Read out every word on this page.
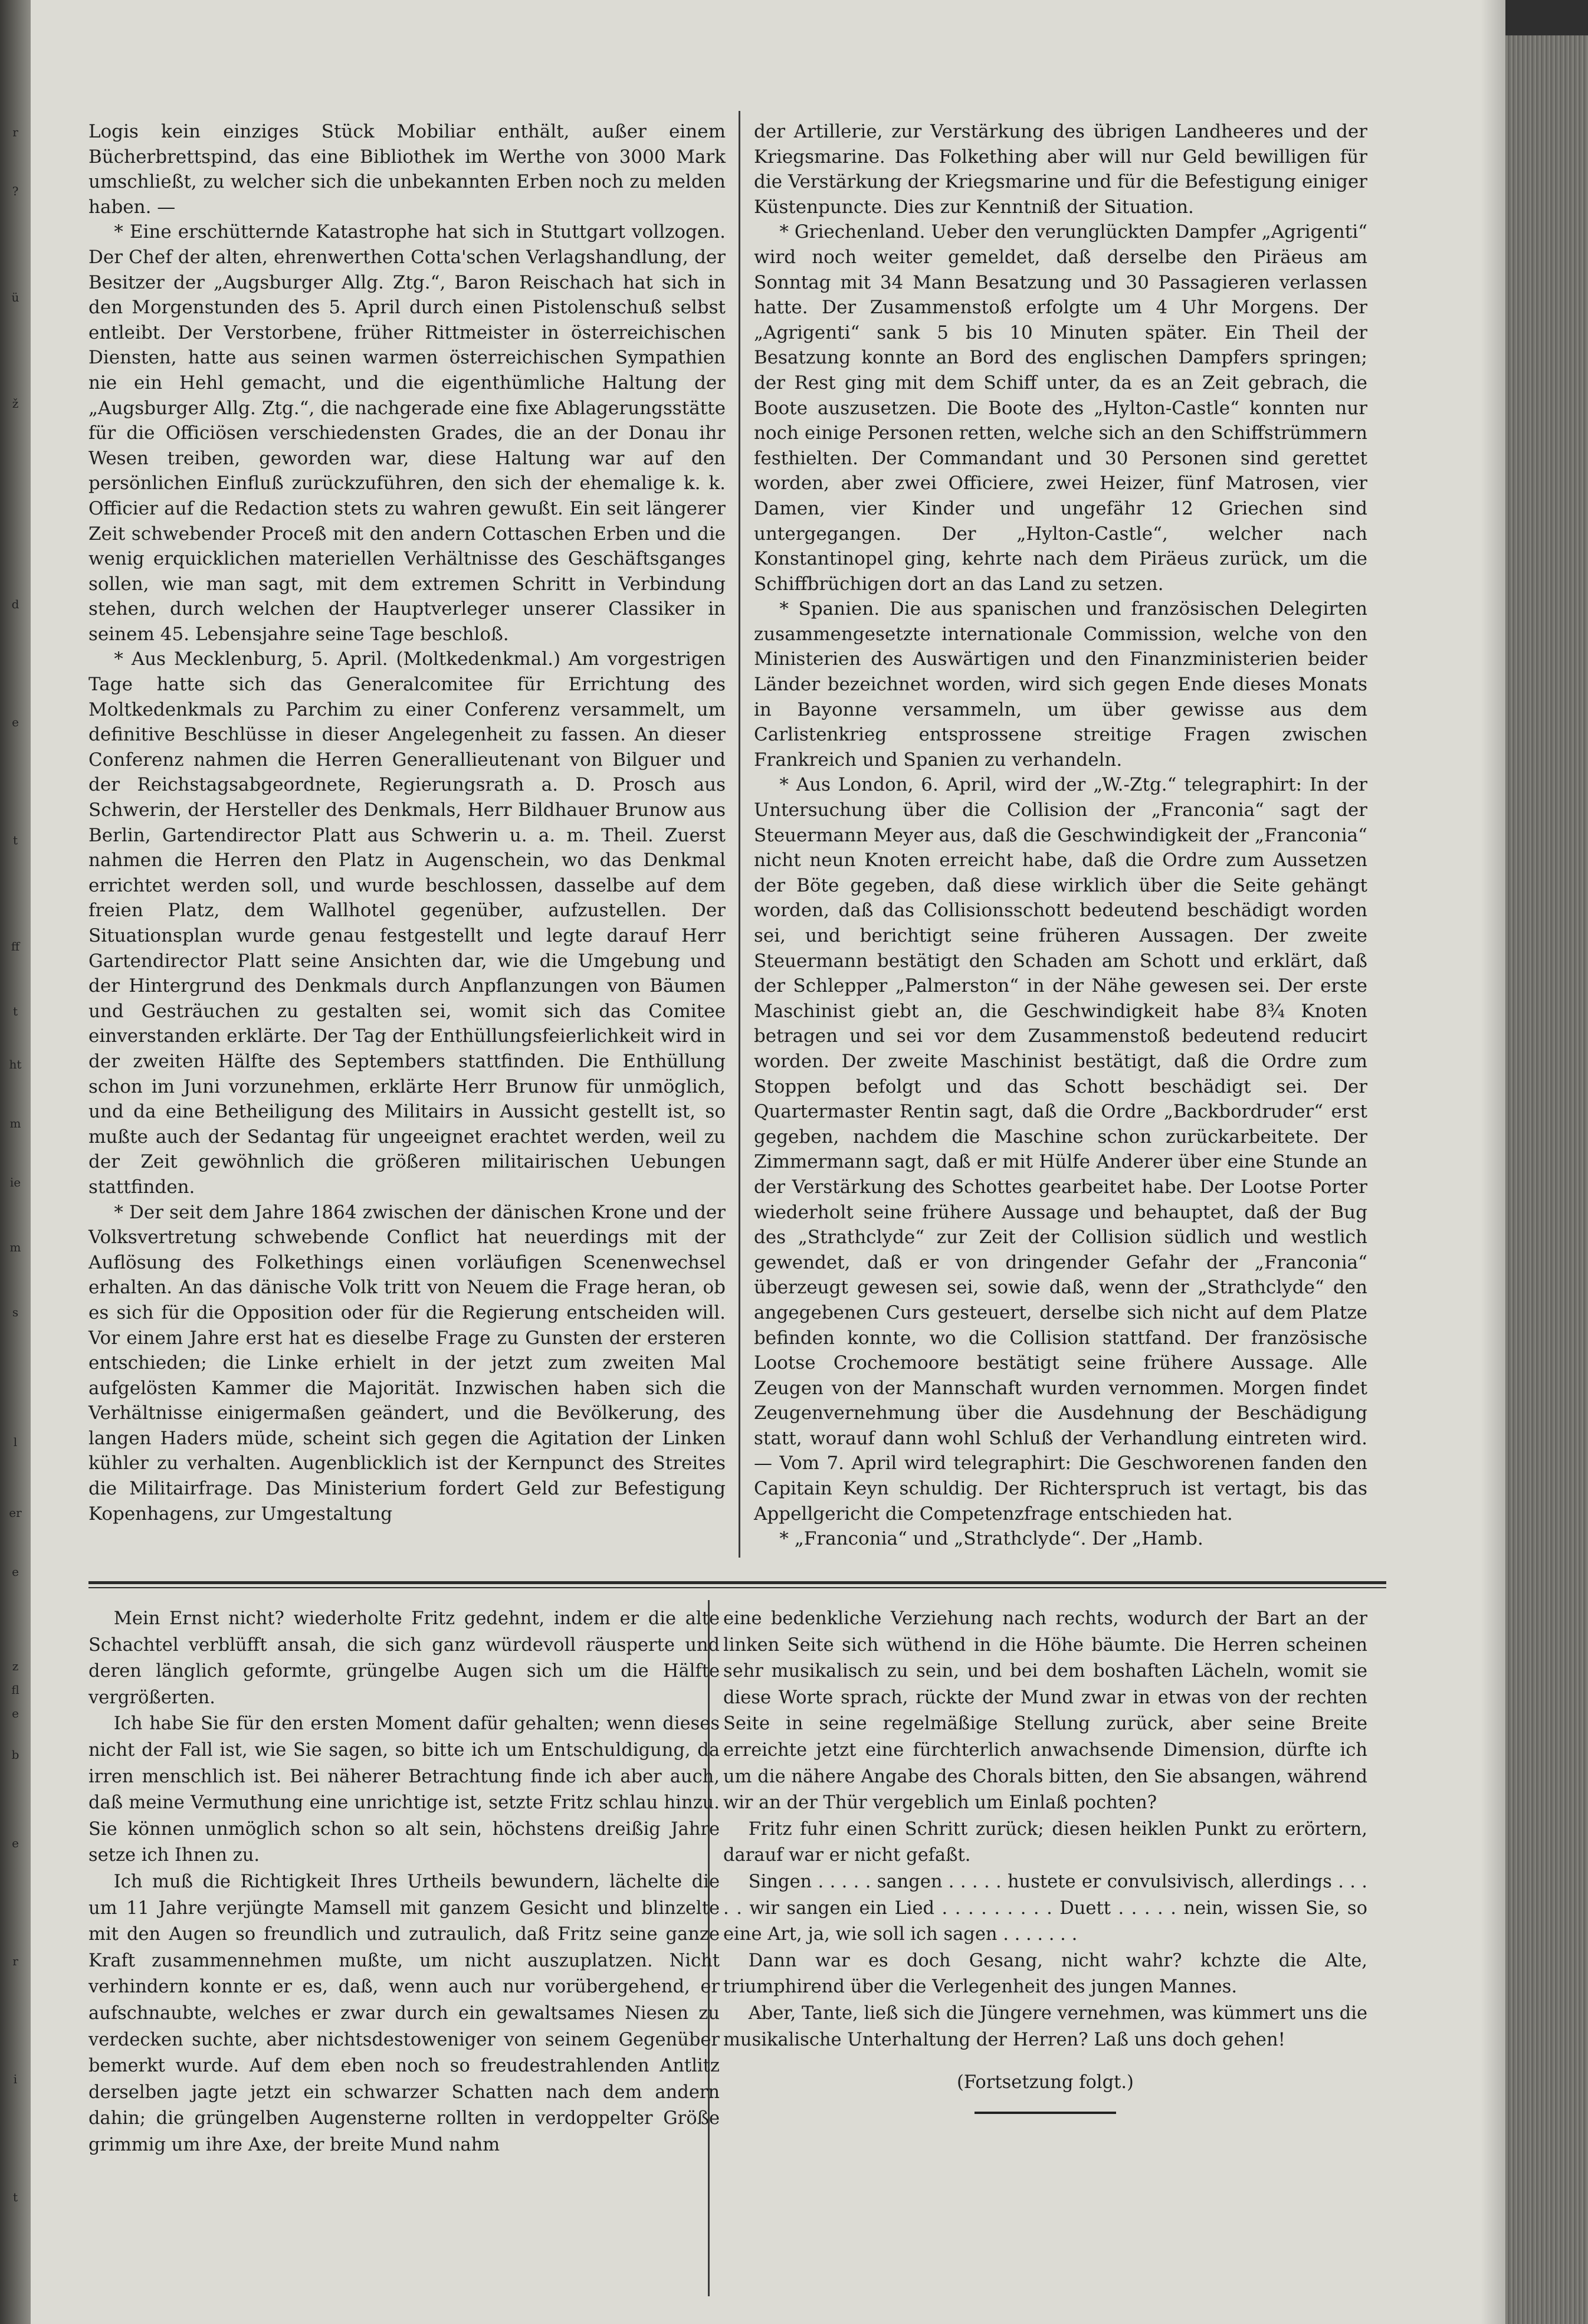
r
?
ü
ž
d
e
t
ff
t
ht
m
ie
m
s
l
er
e
z
fl
e
b
e
r
i
t

Logis kein einziges Stück Mobiliar enthält, außer einem Bücherbrettspind, das eine Bibliothek im Werthe von 3000 Mark umschließt, zu welcher sich die unbekannten Erben noch zu melden haben. —

* Eine erschütternde Katastrophe hat sich in Stuttgart vollzogen. Der Chef der alten, ehrenwerthen Cotta'schen Verlagshandlung, der Besitzer der „Augsburger Allg. Ztg.“, Baron Reischach hat sich in den Morgenstunden des 5. April durch einen Pistolenschuß selbst entleibt. Der Verstorbene, früher Rittmeister in österreichischen Diensten, hatte aus seinen warmen österreichischen Sympathien nie ein Hehl gemacht, und die eigenthümliche Haltung der „Augsburger Allg. Ztg.“, die nachgerade eine fixe Ablagerungsstätte für die Officiösen verschiedensten Grades, die an der Donau ihr Wesen treiben, geworden war, diese Haltung war auf den persönlichen Einfluß zurückzuführen, den sich der ehemalige k. k. Officier auf die Redaction stets zu wahren gewußt. Ein seit längerer Zeit schwebender Proceß mit den andern Cottaschen Erben und die wenig erquicklichen materiellen Verhältnisse des Geschäftsganges sollen, wie man sagt, mit dem extremen Schritt in Verbindung stehen, durch welchen der Hauptverleger unserer Classiker in seinem 45. Lebensjahre seine Tage beschloß.

* Aus Mecklenburg, 5. April. (Moltkedenkmal.) Am vorgestrigen Tage hatte sich das Generalcomitee für Errichtung des Moltkedenkmals zu Parchim zu einer Conferenz versammelt, um definitive Beschlüsse in dieser Angelegenheit zu fassen. An dieser Conferenz nahmen die Herren Generallieutenant von Bilguer und der Reichstagsabgeordnete, Regierungsrath a. D. Prosch aus Schwerin, der Hersteller des Denkmals, Herr Bildhauer Brunow aus Berlin, Gartendirector Platt aus Schwerin u. a. m. Theil. Zuerst nahmen die Herren den Platz in Augenschein, wo das Denkmal errichtet werden soll, und wurde beschlossen, dasselbe auf dem freien Platz, dem Wallhotel gegenüber, aufzustellen. Der Situationsplan wurde genau festgestellt und legte darauf Herr Gartendirector Platt seine Ansichten dar, wie die Umgebung und der Hintergrund des Denkmals durch Anpflanzungen von Bäumen und Gesträuchen zu gestalten sei, womit sich das Comitee einverstanden erklärte. Der Tag der Enthüllungsfeierlichkeit wird in der zweiten Hälfte des Septembers stattfinden. Die Enthüllung schon im Juni vorzunehmen, erklärte Herr Brunow für unmöglich, und da eine Betheiligung des Militairs in Aussicht gestellt ist, so mußte auch der Sedantag für ungeeignet erachtet werden, weil zu der Zeit gewöhnlich die größeren militairischen Uebungen stattfinden.

* Der seit dem Jahre 1864 zwischen der dänischen Krone und der Volksvertretung schwebende Conflict hat neuerdings mit der Auflösung des Folkethings einen vorläufigen Scenenwechsel erhalten. An das dänische Volk tritt von Neuem die Frage heran, ob es sich für die Opposition oder für die Regierung entscheiden will. Vor einem Jahre erst hat es dieselbe Frage zu Gunsten der ersteren entschieden; die Linke erhielt in der jetzt zum zweiten Mal aufgelösten Kammer die Majorität. Inzwischen haben sich die Verhältnisse einigermaßen geändert, und die Bevölkerung, des langen Haders müde, scheint sich gegen die Agitation der Linken kühler zu verhalten. Augenblicklich ist der Kernpunct des Streites die Militairfrage. Das Ministerium fordert Geld zur Befestigung Kopenhagens, zur Umgestaltung

der Artillerie, zur Verstärkung des übrigen Landheeres und der Kriegsmarine. Das Folkething aber will nur Geld bewilligen für die Verstärkung der Kriegsmarine und für die Befestigung einiger Küstenpuncte. Dies zur Kenntniß der Situation.

* Griechenland. Ueber den verunglückten Dampfer „Agrigenti“ wird noch weiter gemeldet, daß derselbe den Piräeus am Sonntag mit 34 Mann Besatzung und 30 Passagieren verlassen hatte. Der Zusammenstoß erfolgte um 4 Uhr Morgens. Der „Agrigenti“ sank 5 bis 10 Minuten später. Ein Theil der Besatzung konnte an Bord des englischen Dampfers springen; der Rest ging mit dem Schiff unter, da es an Zeit gebrach, die Boote auszusetzen. Die Boote des „Hylton-Castle“ konnten nur noch einige Personen retten, welche sich an den Schiffstrümmern festhielten. Der Commandant und 30 Personen sind gerettet worden, aber zwei Officiere, zwei Heizer, fünf Matrosen, vier Damen, vier Kinder und ungefähr 12 Griechen sind untergegangen. Der „Hylton-Castle“, welcher nach Konstantinopel ging, kehrte nach dem Piräeus zurück, um die Schiffbrüchigen dort an das Land zu setzen.

* Spanien. Die aus spanischen und französischen Delegirten zusammengesetzte internationale Commission, welche von den Ministerien des Auswärtigen und den Finanzministerien beider Länder bezeichnet worden, wird sich gegen Ende dieses Monats in Bayonne versammeln, um über gewisse aus dem Carlistenkrieg entsprossene streitige Fragen zwischen Frankreich und Spanien zu verhandeln.

* Aus London, 6. April, wird der „W.-Ztg.“ telegraphirt: In der Untersuchung über die Collision der „Franconia“ sagt der Steuermann Meyer aus, daß die Geschwindigkeit der „Franconia“ nicht neun Knoten erreicht habe, daß die Ordre zum Aussetzen der Böte gegeben, daß diese wirklich über die Seite gehängt worden, daß das Collisionsschott bedeutend beschädigt worden sei, und berichtigt seine früheren Aussagen. Der zweite Steuermann bestätigt den Schaden am Schott und erklärt, daß der Schlepper „Palmerston“ in der Nähe gewesen sei. Der erste Maschinist giebt an, die Geschwindigkeit habe 8¾ Knoten betragen und sei vor dem Zusammenstoß bedeutend reducirt worden. Der zweite Maschinist bestätigt, daß die Ordre zum Stoppen befolgt und das Schott beschädigt sei. Der Quartermaster Rentin sagt, daß die Ordre „Backbordruder“ erst gegeben, nachdem die Maschine schon zurückarbeitete. Der Zimmermann sagt, daß er mit Hülfe Anderer über eine Stunde an der Verstärkung des Schottes gearbeitet habe. Der Lootse Porter wiederholt seine frühere Aussage und behauptet, daß der Bug des „Strathclyde“ zur Zeit der Collision südlich und westlich gewendet, daß er von dringender Gefahr der „Franconia“ überzeugt gewesen sei, sowie daß, wenn der „Strathclyde“ den angegebenen Curs gesteuert, derselbe sich nicht auf dem Platze befinden konnte, wo die Collision stattfand. Der französische Lootse Crochemoore bestätigt seine frühere Aussage. Alle Zeugen von der Mannschaft wurden vernommen. Morgen findet Zeugenvernehmung über die Ausdehnung der Beschädigung statt, worauf dann wohl Schluß der Verhandlung eintreten wird. — Vom 7. April wird telegraphirt: Die Geschworenen fanden den Capitain Keyn schuldig. Der Richterspruch ist vertagt, bis das Appellgericht die Competenzfrage entschieden hat.

* „Franconia“ und „Strathclyde“. Der „Hamb.

Mein Ernst nicht? wiederholte Fritz gedehnt, indem er die alte Schachtel verblüfft ansah, die sich ganz würdevoll räusperte und deren länglich geformte, grüngelbe Augen sich um die Hälfte vergrößerten.

Ich habe Sie für den ersten Moment dafür gehalten; wenn dieses nicht der Fall ist, wie Sie sagen, so bitte ich um Entschuldigung, da irren menschlich ist. Bei näherer Betrachtung finde ich aber auch, daß meine Vermuthung eine unrichtige ist, setzte Fritz schlau hinzu. Sie können unmöglich schon so alt sein, höchstens dreißig Jahre setze ich Ihnen zu.

Ich muß die Richtigkeit Ihres Urtheils bewundern, lächelte die um 11 Jahre verjüngte Mamsell mit ganzem Gesicht und blinzelte mit den Augen so freundlich und zutraulich, daß Fritz seine ganze Kraft zusammennehmen mußte, um nicht auszuplatzen. Nicht verhindern konnte er es, daß, wenn auch nur vorübergehend, er aufschnaubte, welches er zwar durch ein gewaltsames Niesen zu verdecken suchte, aber nichtsdestoweniger von seinem Gegenüber bemerkt wurde. Auf dem eben noch so freudestrahlenden Antlitz derselben jagte jetzt ein schwarzer Schatten nach dem andern dahin; die grüngelben Augensterne rollten in verdoppelter Größe grimmig um ihre Axe, der breite Mund nahm

eine bedenkliche Verziehung nach rechts, wodurch der Bart an der linken Seite sich wüthend in die Höhe bäumte. Die Herren scheinen sehr musikalisch zu sein, und bei dem boshaften Lächeln, womit sie diese Worte sprach, rückte der Mund zwar in etwas von der rechten Seite in seine regelmäßige Stellung zurück, aber seine Breite erreichte jetzt eine fürchterlich anwachsende Dimension, dürfte ich um die nähere Angabe des Chorals bitten, den Sie absangen, während wir an der Thür vergeblich um Einlaß pochten?

Fritz fuhr einen Schritt zurück; diesen heiklen Punkt zu erörtern, darauf war er nicht gefaßt.

Singen . . . . . sangen . . . . . hustete er convulsivisch, allerdings . . . . . wir sangen ein Lied . . . . . . . . . Duett . . . . . nein, wissen Sie, so eine Art, ja, wie soll ich sagen . . . . . . .

Dann war es doch Gesang, nicht wahr? kchzte die Alte, triumphirend über die Verlegenheit des jungen Mannes.

Aber, Tante, ließ sich die Jüngere vernehmen, was kümmert uns die musikalische Unterhaltung der Herren? Laß uns doch gehen!

(Fortsetzung folgt.)
